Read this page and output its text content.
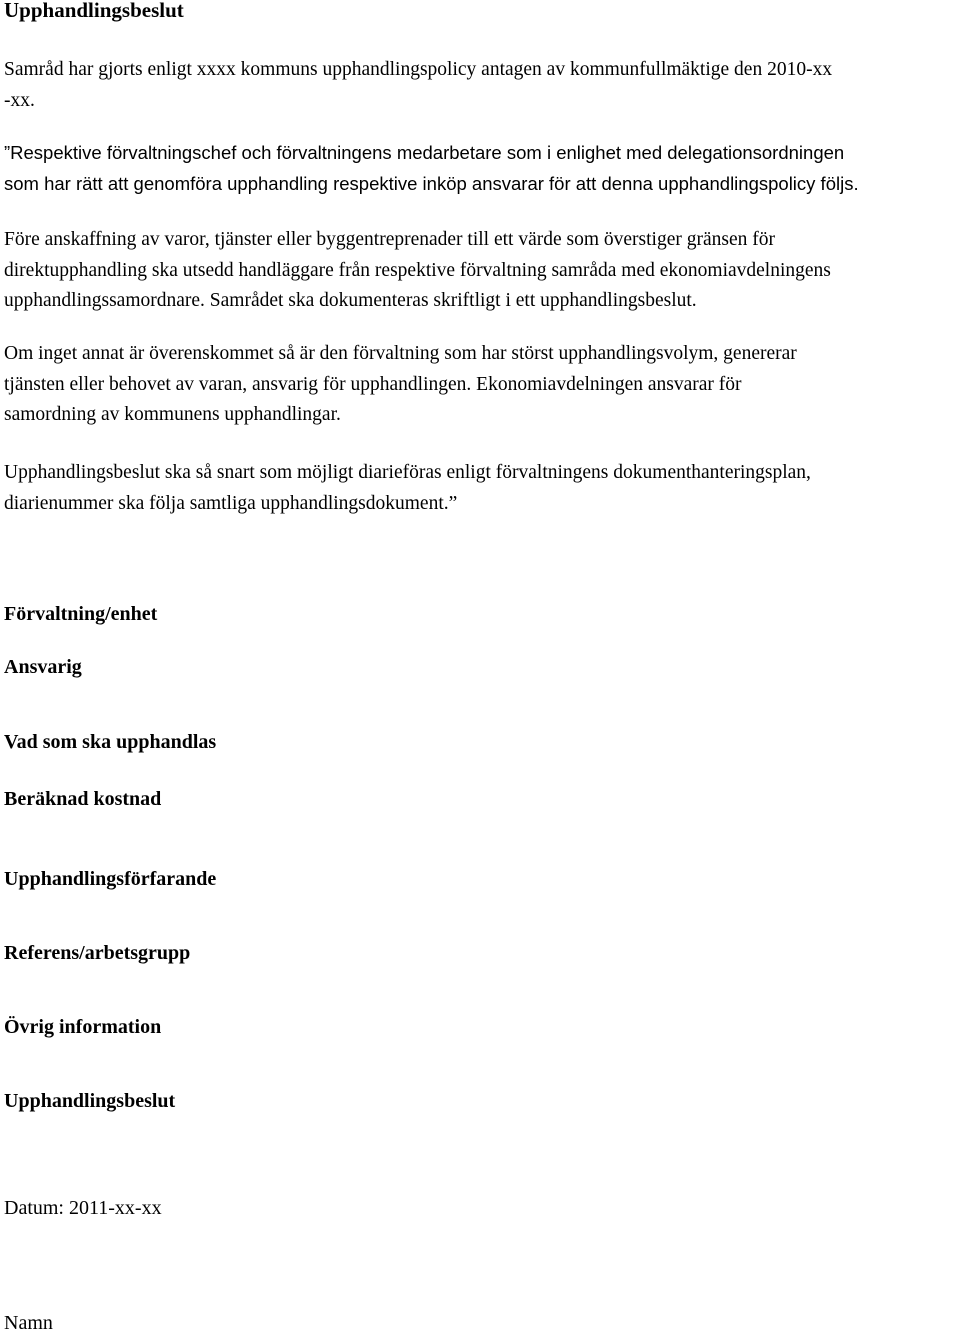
Upphandlingsbeslut

Samråd har gjorts enligt xxxx kommuns upphandlingspolicy antagen av kommunfullmäktige den 2010-xx
-xx.

”Respektive förvaltningschef och förvaltningens medarbetare som i enlighet med delegationsordningen
som har rätt att genomföra upphandling respektive inköp ansvarar för att denna upphandlingspolicy följs.

Före anskaffning av varor, tjänster eller byggentreprenader till ett värde som överstiger gränsen för
direktupphandling ska utsedd handläggare från respektive förvaltning samråda med ekonomiavdelningens
upphandlingssamordnare. Samrådet ska dokumenteras skriftligt i ett upphandlingsbeslut.

Om inget annat är överenskommet så är den förvaltning som har störst upphandlingsvolym, genererar
tjänsten eller behovet av varan, ansvarig för upphandlingen. Ekonomiavdelningen ansvarar för
samordning av kommunens upphandlingar.

Upphandlingsbeslut ska så snart som möjligt diarieföras enligt förvaltningens dokumenthanteringsplan,
diarienummer ska följa samtliga upphandlingsdokument.”

Förvaltning/enhet
Ansvarig
Vad som ska upphandlas
Beräknad kostnad
Upphandlingsförfarande
Referens/arbetsgrupp
Övrig information
Upphandlingsbeslut
Datum: 2011-xx-xx
Namn
